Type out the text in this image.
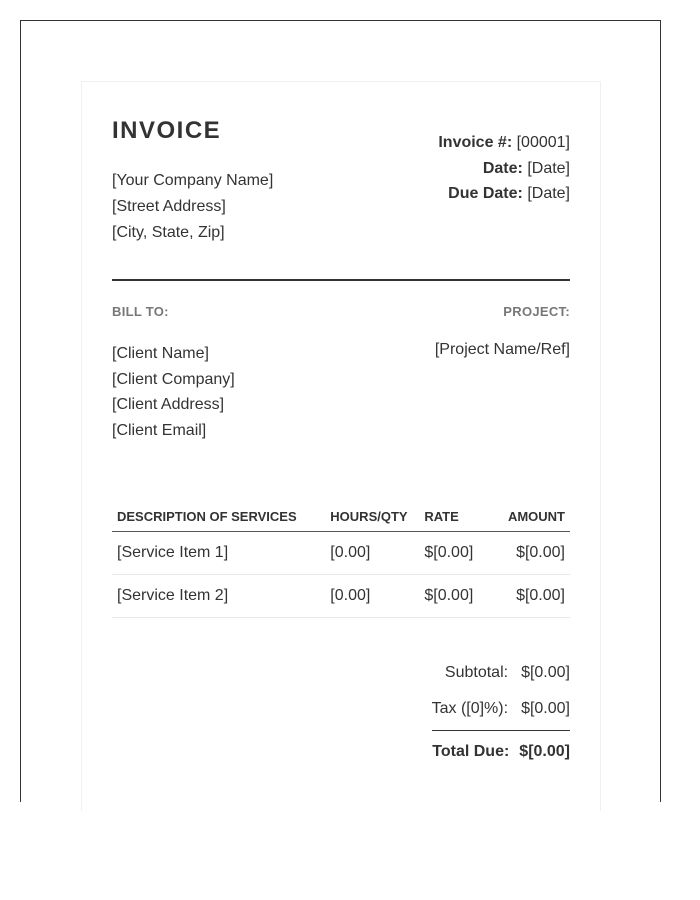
INVOICE
[Your Company Name]
[Street Address]
[City, State, Zip]
Invoice #: [00001]
Date: [Date]
Due Date: [Date]
BILL TO:	PROJECT:
[Client Name]
[Client Company]
[Client Address]
[Client Email]
[Project Name/Ref]
DESCRIPTION OF SERVICES	HOURS/QTY	RATE	AMOUNT
[Service Item 1]	[0.00]	$[0.00]	$[0.00]
[Service Item 2]	[0.00]	$[0.00]	$[0.00]
Subtotal: $[0.00]
Tax ([0]%): $[0.00]
Total Due: $[0.00]
